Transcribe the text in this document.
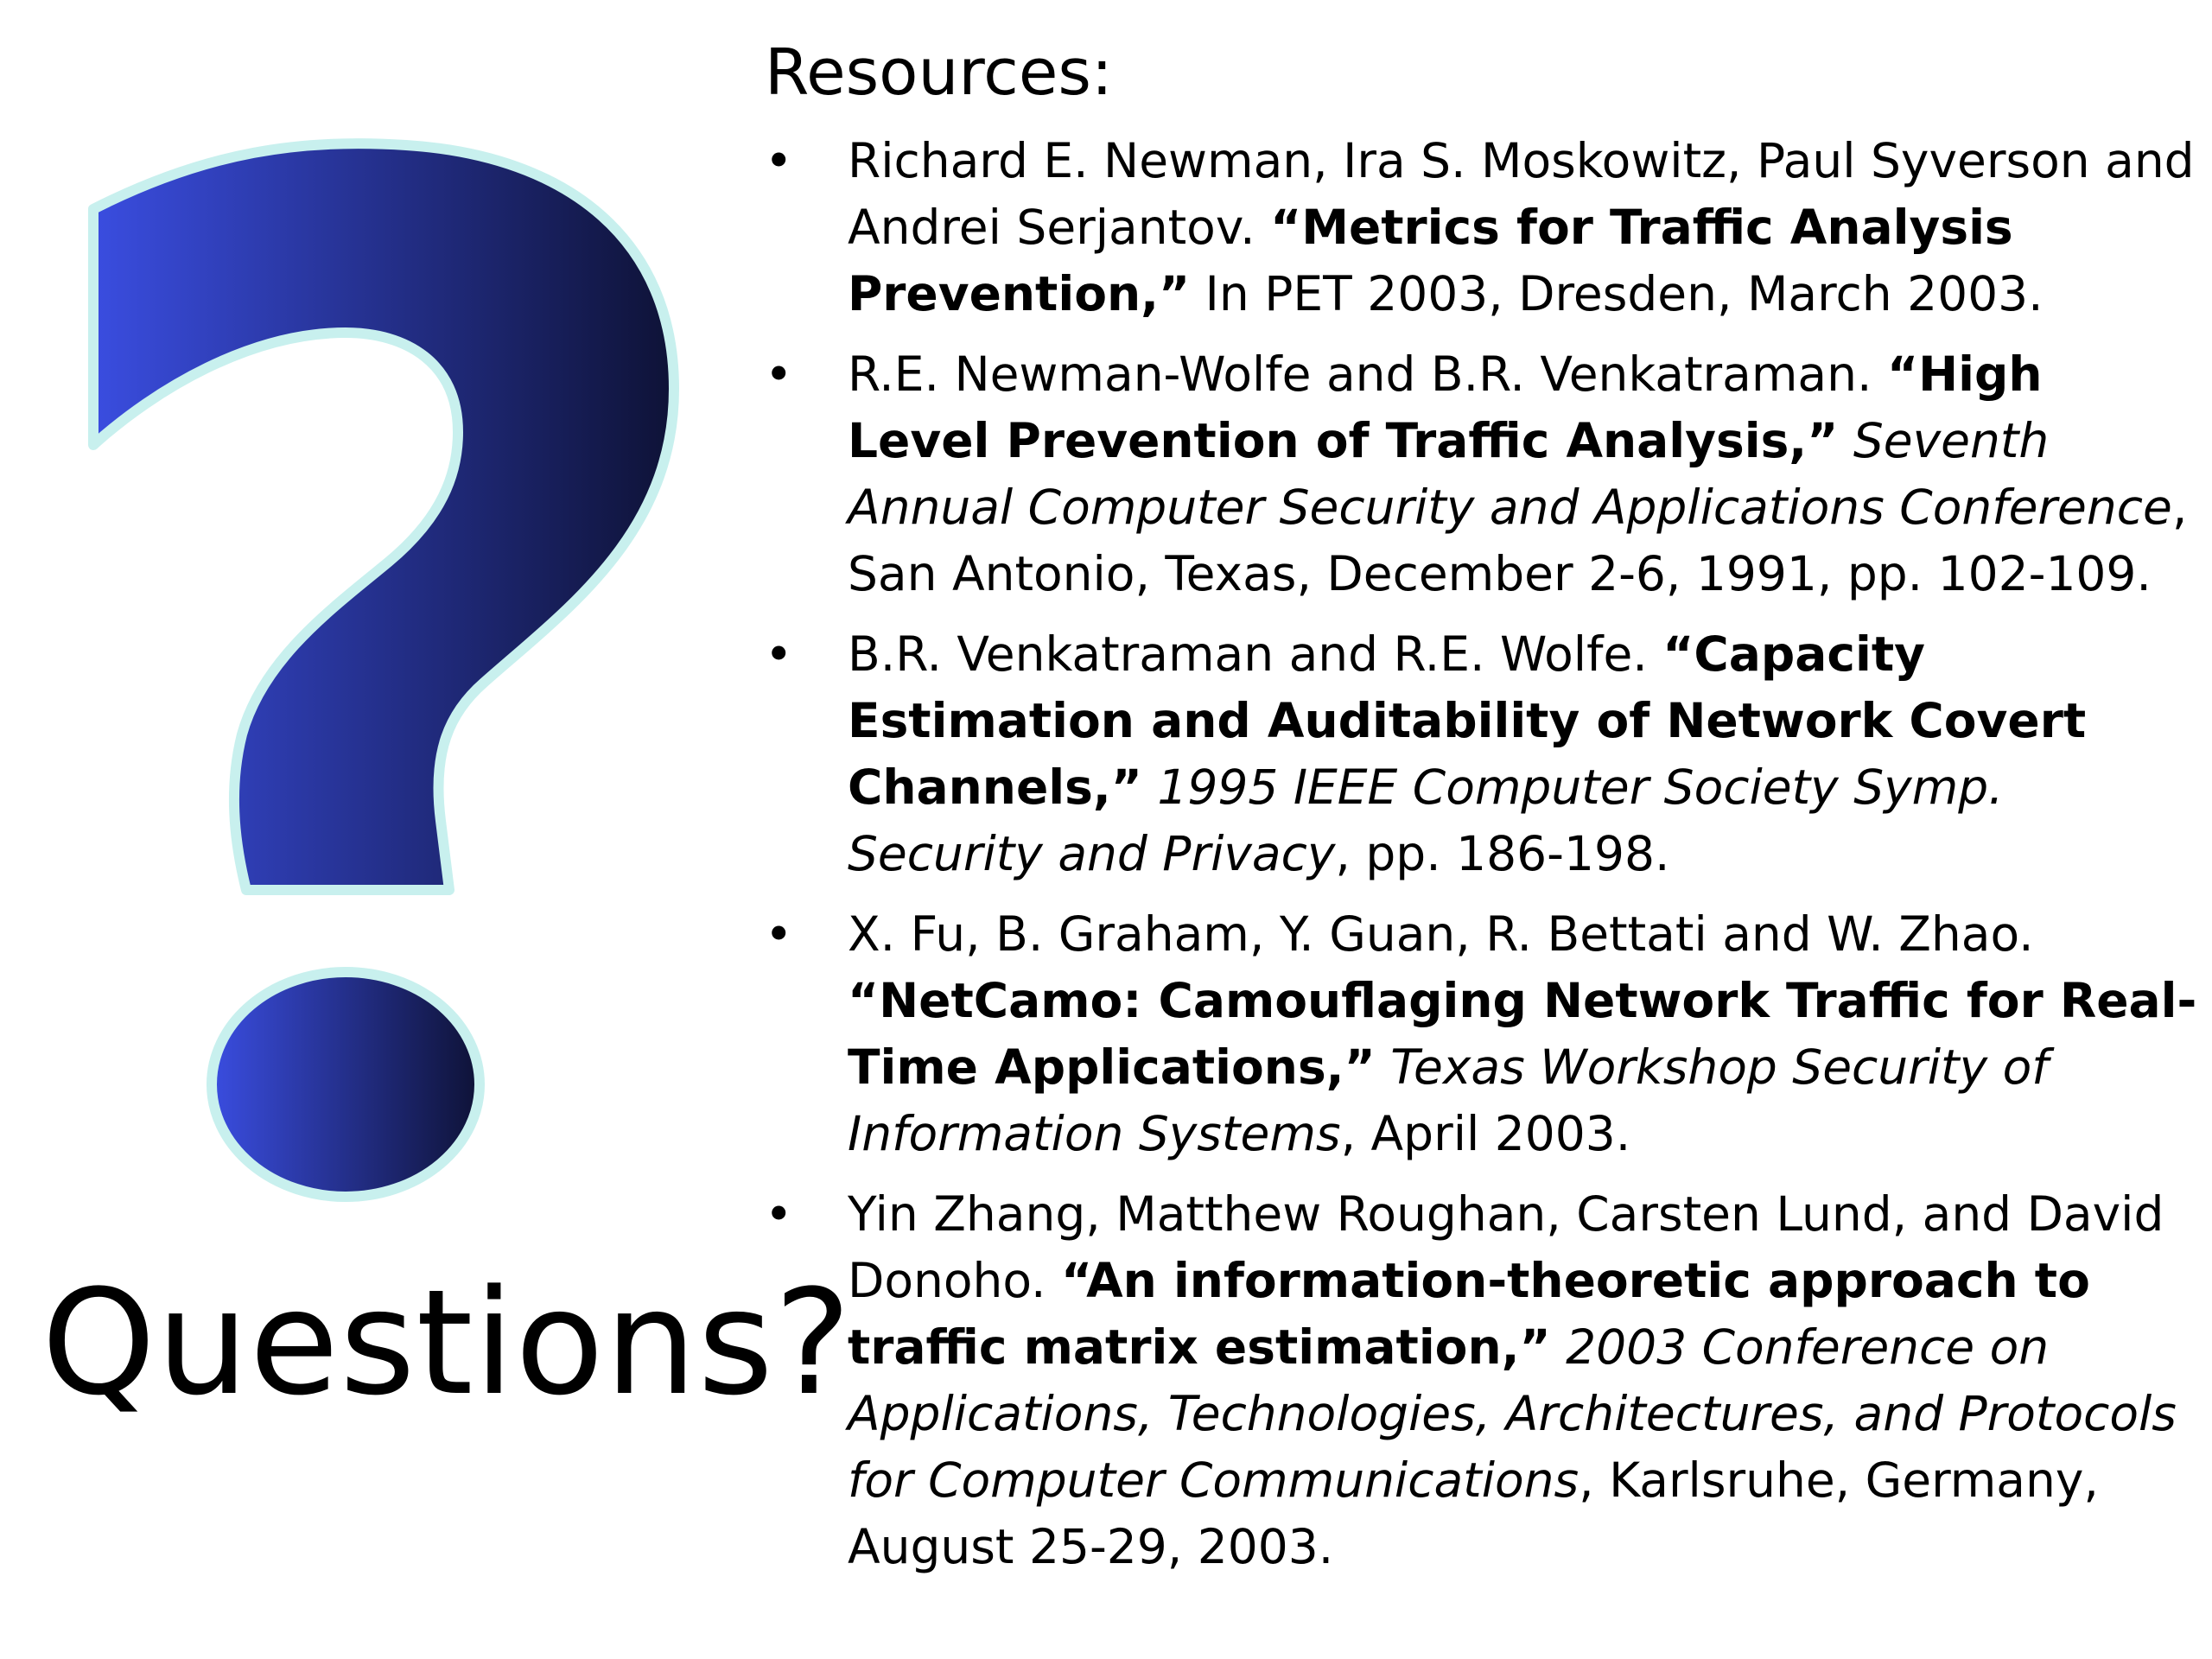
Questions?
Resources:
• Richard E. Newman, Ira S. Moskowitz, Paul Syverson and Andrei Serjantov. “Metrics for Traffic Analysis Prevention,” In PET 2003, Dresden, March 2003.
• R.E. Newman-Wolfe and B.R. Venkatraman. “High Level Prevention of Traffic Analysis,” Seventh Annual Computer Security and Applications Conference, San Antonio, Texas, December 2-6, 1991, pp. 102-109.
• B.R. Venkatraman and R.E. Wolfe. “Capacity Estimation and Auditability of Network Covert Channels,” 1995 IEEE Computer Society Symp. Security and Privacy, pp. 186-198.
• X. Fu, B. Graham, Y. Guan, R. Bettati and W. Zhao. “NetCamo: Camouflaging Network Traffic for Real-Time Applications,” Texas Workshop Security of Information Systems, April 2003.
• Yin Zhang, Matthew Roughan, Carsten Lund, and David Donoho. “An information-theoretic approach to traffic matrix estimation,” 2003 Conference on Applications, Technologies, Architectures, and Protocols for Computer Communications, Karlsruhe, Germany, August 25-29, 2003.
